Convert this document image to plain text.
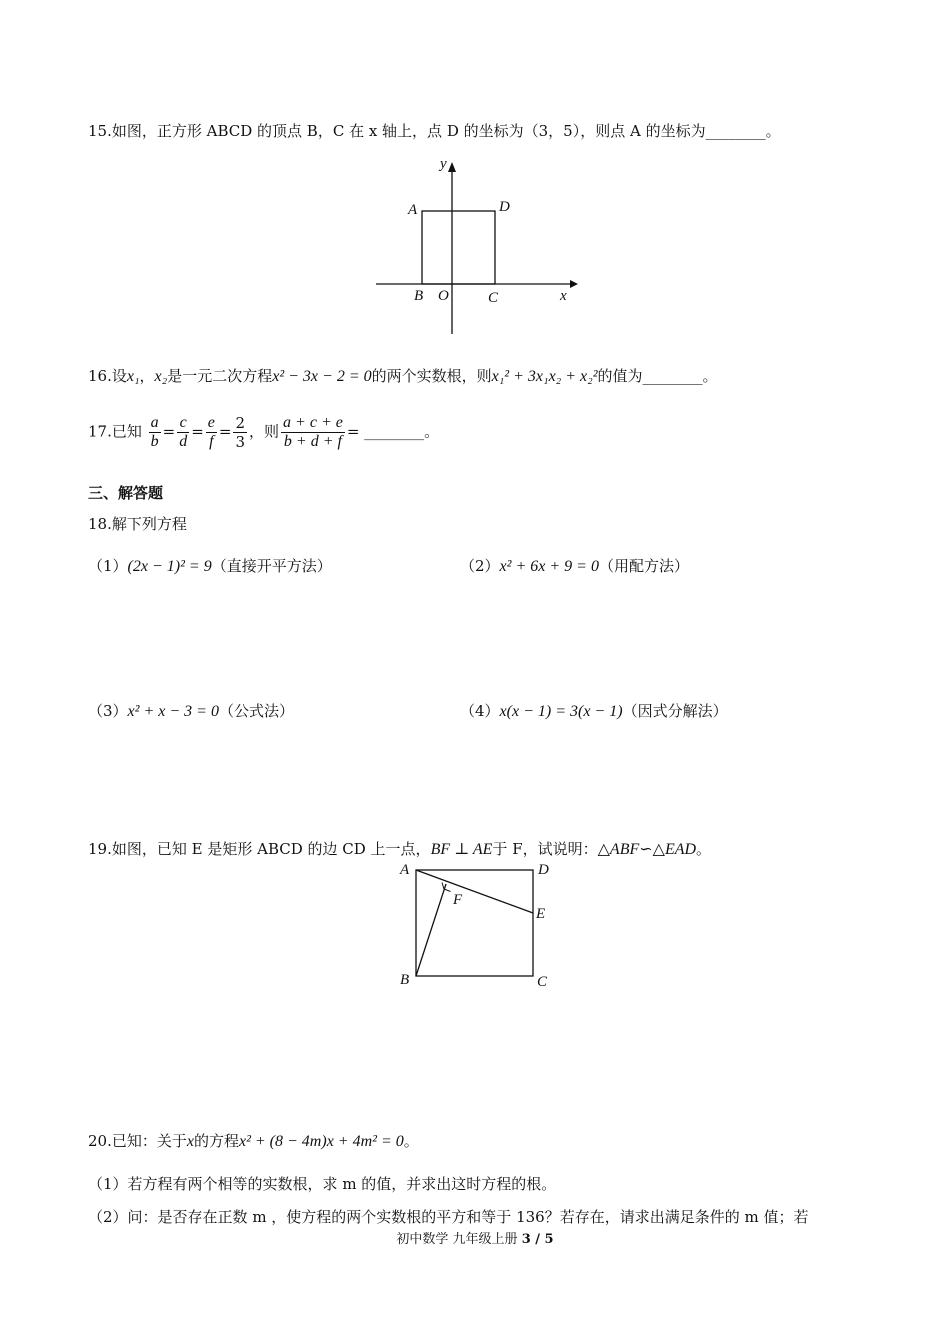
15.如图，正方形 ABCD 的顶点 B，C 在 x 轴上，点 D 的坐标为（3，5），则点 A 的坐标为________。
y
x
A	D
B O	C
16.设x₁，x₂是一元二次方程x² − 3x − 2 = 0的两个实数根，则x₁² + 3x₁x₂ + x₂²的值为________。
17.已知 $\frac{a}{b} = \frac{c}{d} = \frac{e}{f} = \frac{2}{3}$ ，则 $\frac{a + c + e}{b + d + f}$ = ________。
三、解答题
18.解下列方程
（1）(2x − 1)² = 9（直接开平方法）	（2）x² + 6x + 9 = 0（用配方法）
（3）x² + x − 3 = 0（公式法）	（4）x(x − 1) = 3(x − 1)（因式分解法）
19.如图，已知 E 是矩形 ABCD 的边 CD 上一点，BF ⊥ AE于 F，试说明：△ABF∽△EAD。
A	D
F
E
B	C
20.已知：关于x的方程x² + (8 − 4m)x + 4m² = 0。
（1）若方程有两个相等的实数根，求 m 的值，并求出这时方程的根。
（2）问：是否存在正数 m ，使方程的两个实数根的平方和等于 136？若存在，请求出满足条件的 m 值；若
初中数学 九年级上册 3 / 5
